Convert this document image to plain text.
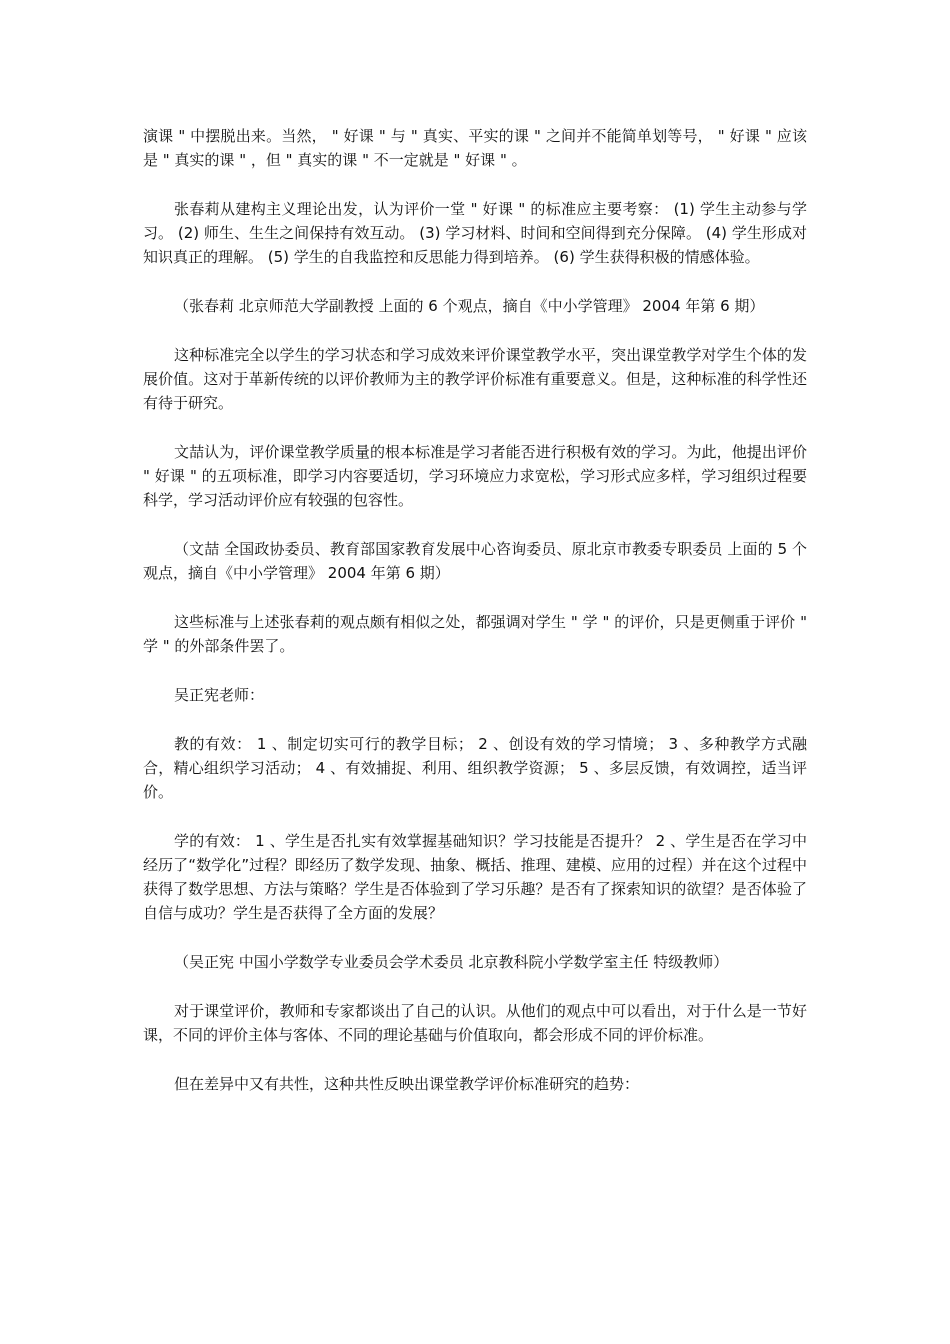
演课 " 中摆脱出来。当然， " 好课 " 与 " 真实、平实的课 " 之间并不能简单划等号， " 好课 " 应该是 " 真实的课 " ，但 " 真实的课 " 不一定就是 " 好课 " 。

张春莉从建构主义理论出发，认为评价一堂 " 好课 " 的标准应主要考察： (1) 学生主动参与学习。 (2) 师生、生生之间保持有效互动。 (3) 学习材料、时间和空间得到充分保障。 (4) 学生形成对知识真正的理解。 (5) 学生的自我监控和反思能力得到培养。 (6) 学生获得积极的情感体验。

（张春莉 北京师范大学副教授 上面的 6 个观点，摘自《中小学管理》 2004 年第 6 期）

这种标准完全以学生的学习状态和学习成效来评价课堂教学水平，突出课堂教学对学生个体的发展价值。这对于革新传统的以评价教师为主的教学评价标准有重要意义。但是，这种标准的科学性还有待于研究。

文喆认为，评价课堂教学质量的根本标准是学习者能否进行积极有效的学习。为此，他提出评价 " 好课 " 的五项标准，即学习内容要适切，学习环境应力求宽松，学习形式应多样，学习组织过程要科学，学习活动评价应有较强的包容性。

（文喆 全国政协委员、教育部国家教育发展中心咨询委员、原北京市教委专职委员 上面的 5 个观点，摘自《中小学管理》 2004 年第 6 期）

这些标准与上述张春莉的观点颇有相似之处，都强调对学生 " 学 " 的评价，只是更侧重于评价 " 学 " 的外部条件罢了。

吴正宪老师：

教的有效： 1 、制定切实可行的教学目标； 2 、创设有效的学习情境； 3 、多种教学方式融合，精心组织学习活动； 4 、有效捕捉、利用、组织教学资源； 5 、多层反馈，有效调控，适当评价。

学的有效： 1 、学生是否扎实有效掌握基础知识？学习技能是否提升？ 2 、学生是否在学习中经历了“数学化”过程？即经历了数学发现、抽象、概括、推理、建模、应用的过程）并在这个过程中获得了数学思想、方法与策略？学生是否体验到了学习乐趣？是否有了探索知识的欲望？是否体验了自信与成功？学生是否获得了全方面的发展？

（吴正宪 中国小学数学专业委员会学术委员 北京教科院小学数学室主任 特级教师）

对于课堂评价，教师和专家都谈出了自己的认识。从他们的观点中可以看出，对于什么是一节好课，不同的评价主体与客体、不同的理论基础与价值取向，都会形成不同的评价标准。

但在差异中又有共性，这种共性反映出课堂教学评价标准研究的趋势：
